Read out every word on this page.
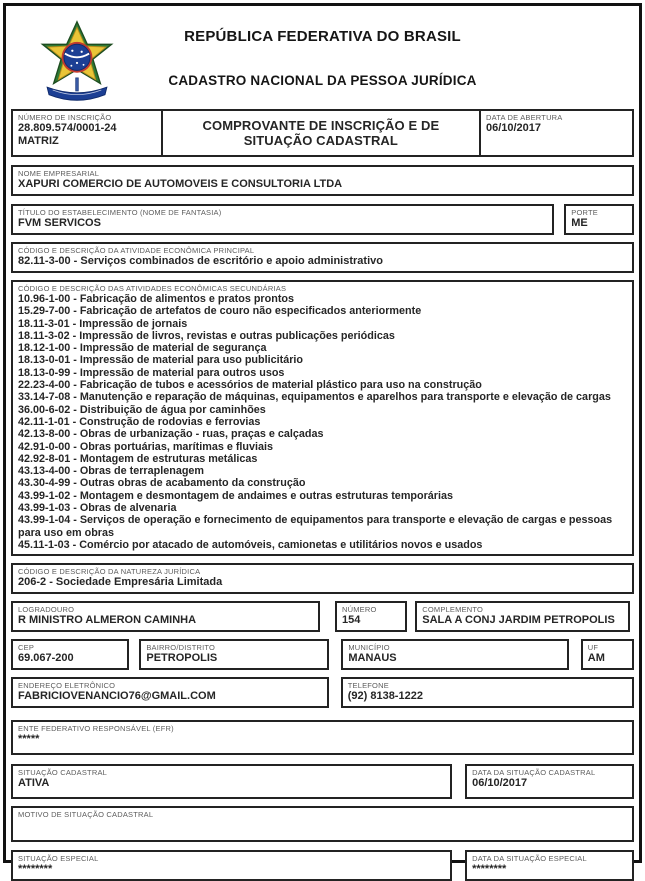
REPÚBLICA FEDERATIVA DO BRASIL
CADASTRO NACIONAL DA PESSOA JURÍDICA
NÚMERO DE INSCRIÇÃO
28.809.574/0001-24
MATRIZ
COMPROVANTE DE INSCRIÇÃO E DE SITUAÇÃO CADASTRAL
DATA DE ABERTURA
06/10/2017
NOME EMPRESARIAL
XAPURI COMERCIO DE AUTOMOVEIS E CONSULTORIA LTDA
TÍTULO DO ESTABELECIMENTO (NOME DE FANTASIA)
FVM SERVICOS
PORTE
ME
CÓDIGO E DESCRIÇÃO DA ATIVIDADE ECONÔMICA PRINCIPAL
82.11-3-00 - Serviços combinados de escritório e apoio administrativo
CÓDIGO E DESCRIÇÃO DAS ATIVIDADES ECONÔMICAS SECUNDÁRIAS
10.96-1-00 - Fabricação de alimentos e pratos prontos
15.29-7-00 - Fabricação de artefatos de couro não especificados anteriormente
18.11-3-01 - Impressão de jornais
18.11-3-02 - Impressão de livros, revistas e outras publicações periódicas
18.12-1-00 - Impressão de material de segurança
18.13-0-01 - Impressão de material para uso publicitário
18.13-0-99 - Impressão de material para outros usos
22.23-4-00 - Fabricação de tubos e acessórios de material plástico para uso na construção
33.14-7-08 - Manutenção e reparação de máquinas, equipamentos e aparelhos para transporte e elevação de cargas
36.00-6-02 - Distribuição de água por caminhões
42.11-1-01 - Construção de rodovias e ferrovias
42.13-8-00 - Obras de urbanização - ruas, praças e calçadas
42.91-0-00 - Obras portuárias, marítimas e fluviais
42.92-8-01 - Montagem de estruturas metálicas
43.13-4-00 - Obras de terraplenagem
43.30-4-99 - Outras obras de acabamento da construção
43.99-1-02 - Montagem e desmontagem de andaimes e outras estruturas temporárias
43.99-1-03 - Obras de alvenaria
43.99-1-04 - Serviços de operação e fornecimento de equipamentos para transporte e elevação de cargas e pessoas para uso em obras
45.11-1-03 - Comércio por atacado de automóveis, camionetas e utilitários novos e usados
CÓDIGO E DESCRIÇÃO DA NATUREZA JURÍDICA
206-2 - Sociedade Empresária Limitada
LOGRADOURO
R MINISTRO ALMERON CAMINHA
NÚMERO
154
COMPLEMENTO
SALA A CONJ JARDIM PETROPOLIS
CEP
69.067-200
BAIRRO/DISTRITO
PETROPOLIS
MUNICÍPIO
MANAUS
UF
AM
ENDEREÇO ELETRÔNICO
FABRICIOVENANCIO76@GMAIL.COM
TELEFONE
(92) 8138-1222
ENTE FEDERATIVO RESPONSÁVEL (EFR)
*****
SITUAÇÃO CADASTRAL
ATIVA
DATA DA SITUAÇÃO CADASTRAL
06/10/2017
MOTIVO DE SITUAÇÃO CADASTRAL
SITUAÇÃO ESPECIAL
********
DATA DA SITUAÇÃO ESPECIAL
********
